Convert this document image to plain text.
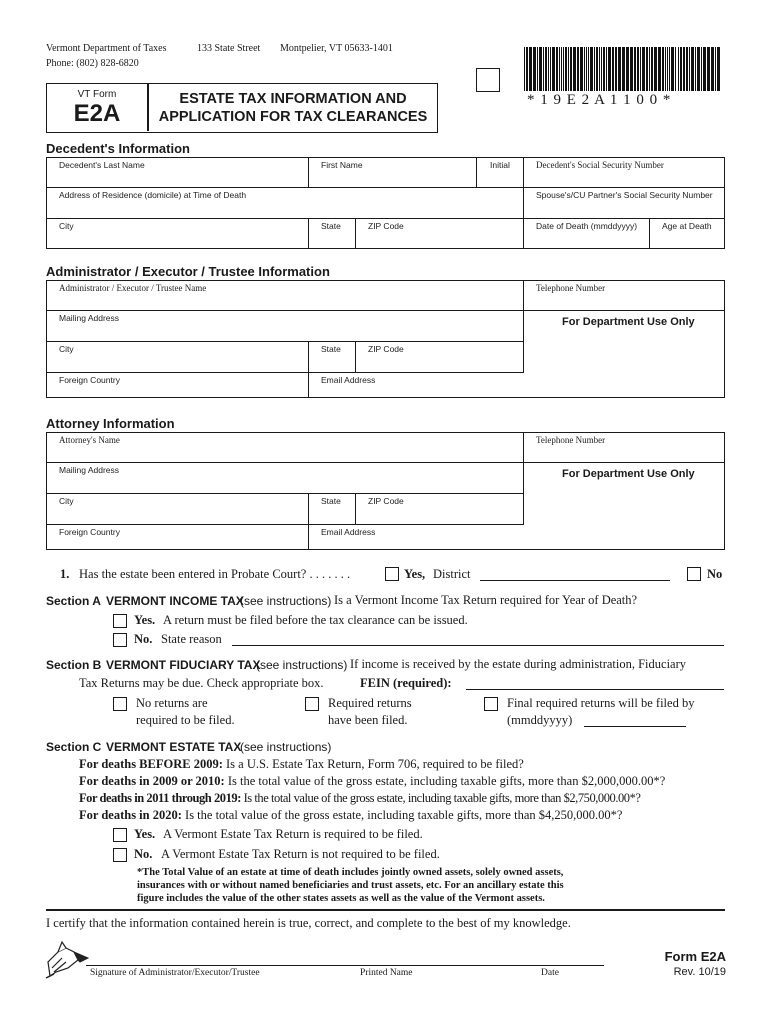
Vermont Department of Taxes	133 State Street Montpelier, VT 05633-1401
Phone: (802) 828-6820
VT Form
E2A
ESTATE TAX INFORMATION AND
APPLICATION FOR TAX CLEARANCES
* 1 9 E 2 A 1 1 0 0 *
Decedent's Information
Decedent's Last Name	First Name	Initial	Decedent's Social Security Number
Address of Residence (domicile) at Time of Death	Spouse's/CU Partner's Social Security Number
City	State	ZIP Code	Date of Death (mmddyyyy)	Age at Death
Administrator / Executor / Trustee Information
Administrator / Executor / Trustee Name	Telephone Number
Mailing Address
City	State	ZIP Code
Foreign Country	Email Address
For Department Use Only
Attorney Information
Attorney's Name	Telephone Number
Mailing Address
City	State	ZIP Code
Foreign Country	Email Address
For Department Use Only
1. Has the estate been entered in Probate Court? . . . . . . .	Yes, District	No
Section A VERMONT INCOME TAX
(see instructions) Is a Vermont Income Tax Return required for Year of Death?
Yes. A return must be filed before the tax clearance can be issued.
No. State reason
Section B VERMONT FIDUCIARY TAX
(see instructions) If income is received by the estate during administration, Fiduciary
Tax Returns may be due. Check appropriate box.	FEIN (required):
No returns are
required to be filed.
Required returns
have been filed.
Final required returns will be filed by
(mmddyyyy)
Section C VERMONT ESTATE TAX
(see instructions)
For deaths BEFORE 2009: Is a U.S. Estate Tax Return, Form 706, required to be filed?
For deaths in 2009 or 2010: Is the total value of the gross estate, including taxable gifts, more than $2,000,000.00*?
For deaths in 2011 through 2019: Is the total value of the gross estate, including taxable gifts, more than $2,750,000.00*?
For deaths in 2020: Is the total value of the gross estate, including taxable gifts, more than $4,250,000.00*?
Yes. A Vermont Estate Tax Return is required to be filed.
No. A Vermont Estate Tax Return is not required to be filed.
*The Total Value of an estate at time of death includes jointly owned assets, solely owned assets,
insurances with or without named beneficiaries and trust assets, etc. For an ancillary estate this
figure includes the value of the other states assets as well as the value of the Vermont assets.
I certify that the information contained herein is true, correct, and complete to the best of my knowledge.
Signature of Administrator/Executor/Trustee	Printed Name	Date
Form E2A
Rev. 10/19
